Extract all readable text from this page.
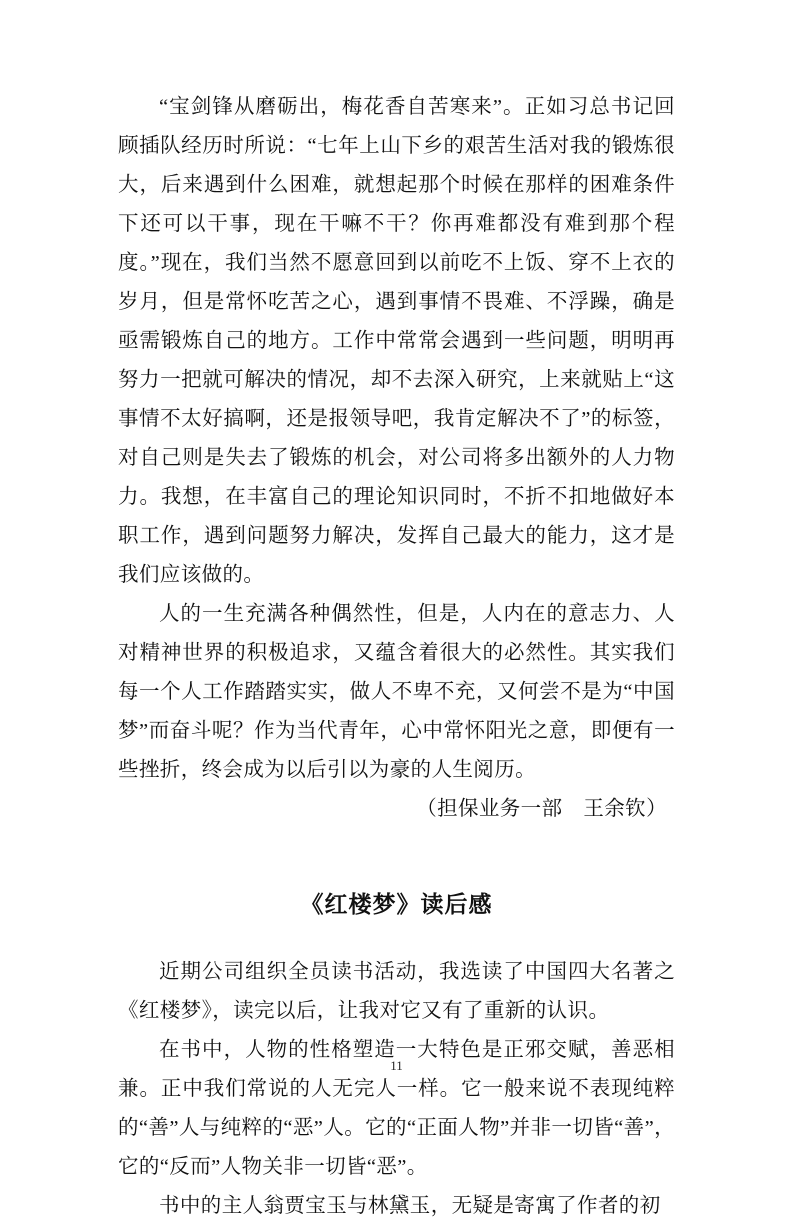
“宝剑锋从磨砺出，梅花香自苦寒来”。正如习总书记回顾插队经历时所说：“七年上山下乡的艰苦生活对我的锻炼很大，后来遇到什么困难，就想起那个时候在那样的困难条件下还可以干事，现在干嘛不干？你再难都没有难到那个程度。”现在，我们当然不愿意回到以前吃不上饭、穿不上衣的岁月，但是常怀吃苦之心，遇到事情不畏难、不浮躁，确是亟需锻炼自己的地方。工作中常常会遇到一些问题，明明再努力一把就可解决的情况，却不去深入研究，上来就贴上“这事情不太好搞啊，还是报领导吧，我肯定解决不了”的标签，对自己则是失去了锻炼的机会，对公司将多出额外的人力物力。我想，在丰富自己的理论知识同时，不折不扣地做好本职工作，遇到问题努力解决，发挥自己最大的能力，这才是我们应该做的。

人的一生充满各种偶然性，但是，人内在的意志力、人对精神世界的积极追求，又蕴含着很大的必然性。其实我们每一个人工作踏踏实实，做人不卑不充，又何尝不是为“中国梦”而奋斗呢？作为当代青年，心中常怀阳光之意，即便有一些挫折，终会成为以后引以为豪的人生阅历。

（担保业务一部　王余钦）

《红楼梦》读后感

近期公司组织全员读书活动，我选读了中国四大名著之《红楼梦》，读完以后，让我对它又有了重新的认识。

在书中，人物的性格塑造一大特色是正邪交赋，善恶相兼。正中我们常说的人无完人一样。它一般来说不表现纯粹的“善”人与纯粹的“恶”人。它的“正面人物”并非一切皆“善”，它的“反而”人物关非一切皆“恶”。

书中的主人翁贾宝玉与林黛玉，无疑是寄寓了作者的初

11
